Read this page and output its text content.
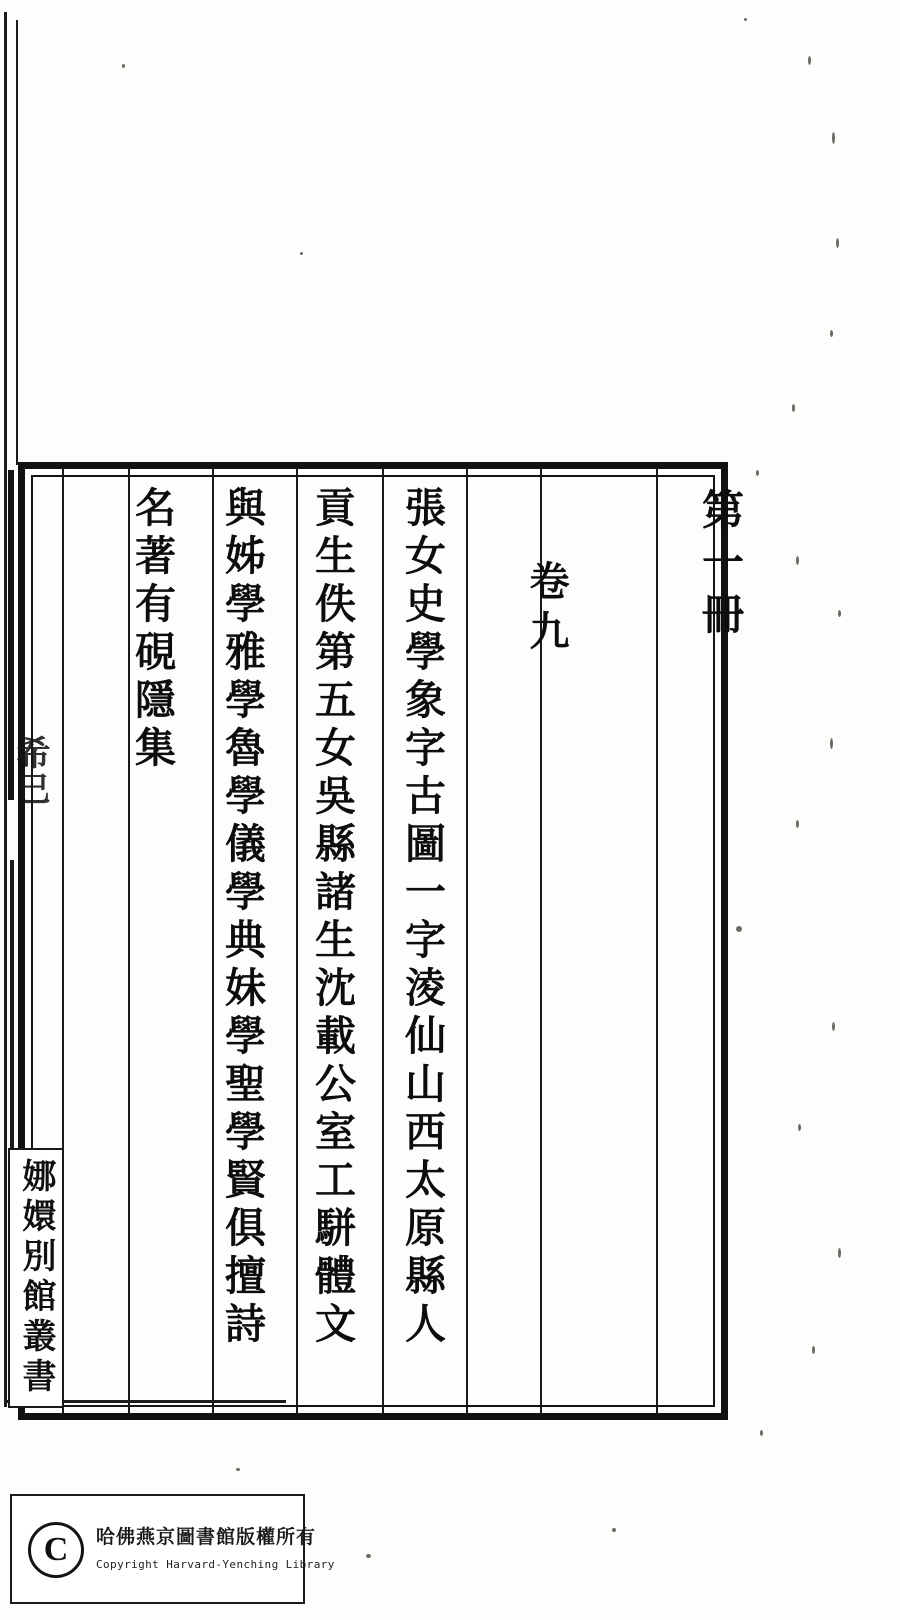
第一冊
卷九
張女史學象字古圖一字淩仙山西太原縣人
貢生佚第五女吳縣諸生沈載公室工駢體文
與姊學雅學魯學儀學典妹學聖學賢俱擅詩
名著有硯隱集
希巳
娜嬛別館叢書
C	哈佛燕京圖書館版權所有
Copyright Harvard-Yenching Library
